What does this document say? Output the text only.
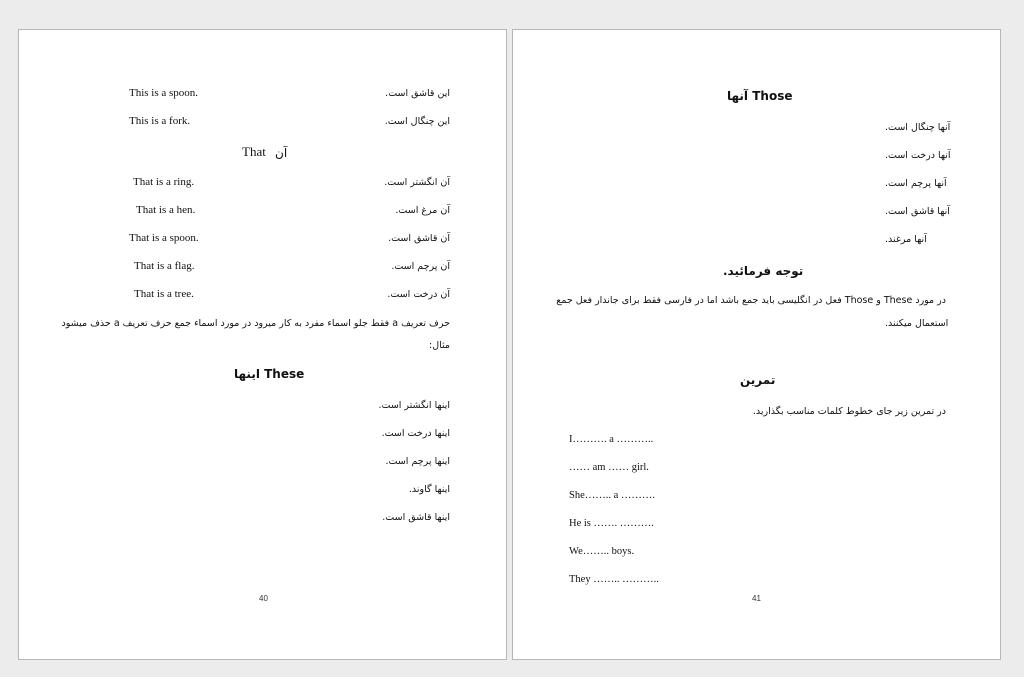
This is a spoon.	این قاشق است.
This is a fork.	این چنگال است.
That آن
That is a ring.	آن انگشتر است.
That is a hen.	آن مرغ است.
That is a spoon.	آن قاشق است.
That is a flag.	آن پرچم است.
That is a tree.	آن درخت است.
حرف تعریف a فقط جلو اسماء مفرد به کار میرود در مورد اسماء جمع حرف تعریف a حذف میشود
مثال:
These اینها
اینها انگشتر است.
اینها درخت است.
اینها پرچم است.
اینها گاوند.
اینها قاشق است.
40
Those آنها
آنها چنگال است.
آنها درخت است.
آنها پرچم است.
آنها قاشق است.
آنها مرغند.
توجه فرمائید.
در مورد These و Those فعل در انگلیسی باید جمع باشد اما در فارسی فقط برای جاندار فعل جمع
استعمال میکنند.
تمرین
در تمرین زیر جای خطوط کلمات مناسب بگذارید.
I………. a ………..
…… am …… girl.
She…….. a ……….
He is ……. ……….
We…….. boys.
They …….. ………..
41
